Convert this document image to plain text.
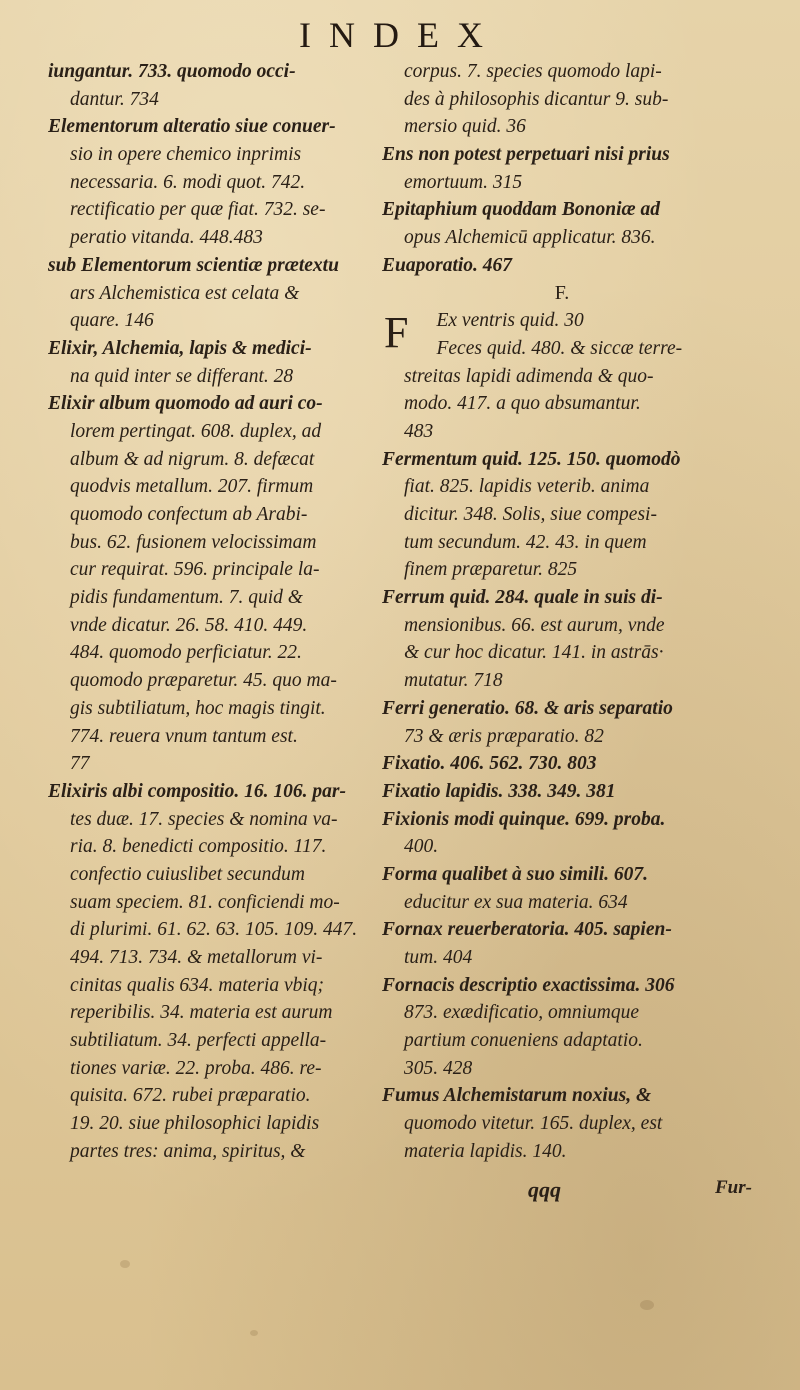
INDEX
iungantur. 733. quomodo occi-
dantur. 734
Elementorum alteratio siue conuer-
sio in opere chemico inprimis
necessaria. 6. modi quot. 742.
rectificatio per quæ fiat. 732. se-
peratio vitanda. 448.483
sub Elementorum scientiæ prætextu
ars Alchemistica est celata &
quare. 146
Elixir, Alchemia, lapis & medici-
na quid inter se differant. 28
Elixir album quomodo ad auri co-
lorem pertingat. 608. duplex, ad
album & ad nigrum. 8. defæcat
quodvis metallum. 207. firmum
quomodo confectum ab Arabi-
bus. 62. fusionem velocissimam
cur requirat. 596. principale la-
pidis fundamentum. 7. quid &
vnde dicatur. 26. 58. 410. 449.
484. quomodo perficiatur. 22.
quomodo præparetur. 45. quo ma-
gis subtiliatum, hoc magis tingit.
774. reuera vnum tantum est.
77
Elixiris albi compositio. 16. 106. par-
tes duæ. 17. species & nomina va-
ria. 8. benedicti compositio. 117.
confectio cuiuslibet secundum
suam speciem. 81. conficiendi mo-
di plurimi. 61. 62. 63. 105. 109. 447.
494. 713. 734. & metallorum vi-
cinitas qualis 634. materia vbiq;
reperibilis. 34. materia est aurum
subtiliatum. 34. perfecti appella-
tiones variæ. 22. proba. 486. re-
quisita. 672. rubei præparatio.
19. 20. siue philosophici lapidis
partes tres: anima, spiritus, &
corpus. 7. species quomodo lapi-
des à philosophis dicantur 9. sub-
mersio quid. 36
Ens non potest perpetuari nisi prius
emortuum. 315
Epitaphium quoddam Bononiæ ad
opus Alchemicū applicatur. 836.
Euaporatio. 467
F.
F	Ex ventris quid. 30
Feces quid. 480. & siccæ terre-
streitas lapidi adimenda & quo-
modo. 417. a quo absumantur.
483
Fermentum quid. 125. 150. quomodò
fiat. 825. lapidis veterib. anima
dicitur. 348. Solis, siue compesi-
tum secundum. 42. 43. in quem
finem præparetur. 825
Ferrum quid. 284. quale in suis di-
mensionibus. 66. est aurum, vnde
& cur hoc dicatur. 141. in astrās·
mutatur. 718
Ferri generatio. 68. & aris separatio
73 & æris præparatio. 82
Fixatio. 406. 562. 730. 803
Fixatio lapidis. 338. 349. 381
Fixionis modi quinque. 699. proba.
400.
Forma qualibet à suo simili. 607.
educitur ex sua materia. 634
Fornax reuerberatoria. 405. sapien-
tum. 404
Fornacis descriptio exactissima. 306
873. exædificatio, omniumque
partium conueniens adaptatio.
305. 428
Fumus Alchemistarum noxius, &
quomodo vitetur. 165. duplex, est
materia lapidis. 140.
qqq	Fur-
